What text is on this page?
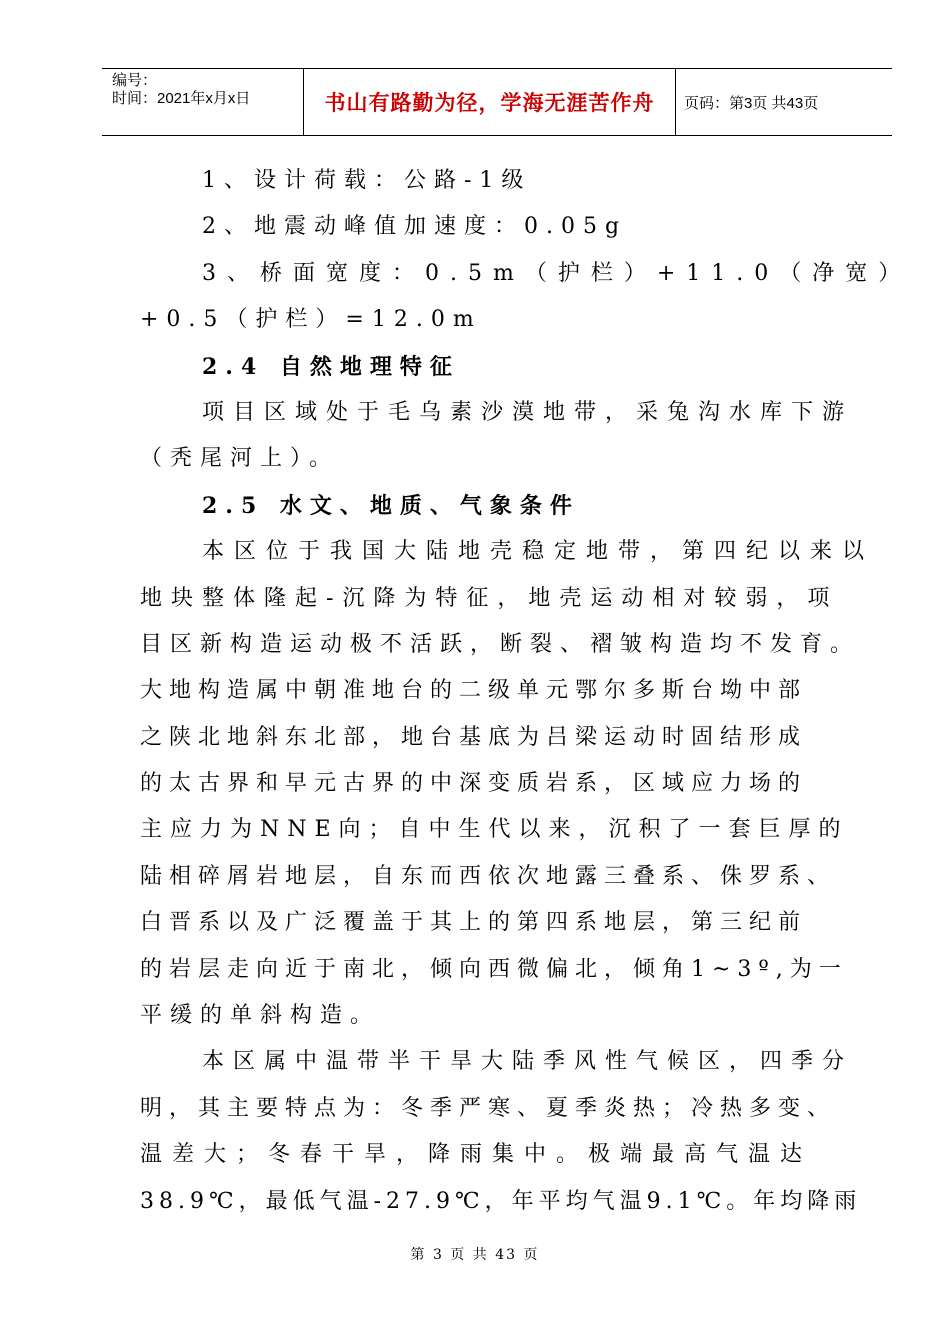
编号：
时间：2021年x月x日	书山有路勤为径，学海无涯苦作舟 页码：第3页 共43页
1、设计荷载：公路-1级
2、地震动峰值加速度：0.05g
3、桥面宽度：0.5m（护栏）+11.0（净宽）
+0.5（护栏）=12.0m
2.4 自然地理特征
项目区域处于毛乌素沙漠地带，采兔沟水库下游
（秃尾河上）。
2.5 水文、地质、气象条件
本区位于我国大陆地壳稳定地带，第四纪以来以
地块整体隆起-沉降为特征，地壳运动相对较弱，项
目区新构造运动极不活跃，断裂、褶皱构造均不发育。
大地构造属中朝准地台的二级单元鄂尔多斯台坳中部
之陕北地斜东北部，地台基底为吕梁运动时固结形成
的太古界和早元古界的中深变质岩系，区域应力场的
主应力为NNE向；自中生代以来，沉积了一套巨厚的
陆相碎屑岩地层，自东而西依次地露三叠系、侏罗系、
白晋系以及广泛覆盖于其上的第四系地层，第三纪前
的岩层走向近于南北，倾向西微偏北，倾角1~3º,为一
平缓的单斜构造。
本区属中温带半干旱大陆季风性气候区，四季分
明，其主要特点为：冬季严寒、夏季炎热；冷热多变、
温差大；冬春干旱，降雨集中。极端最高气温达
38.9℃，最低气温-27.9℃，年平均气温9.1℃。年均降雨
第 3 页 共 43 页
